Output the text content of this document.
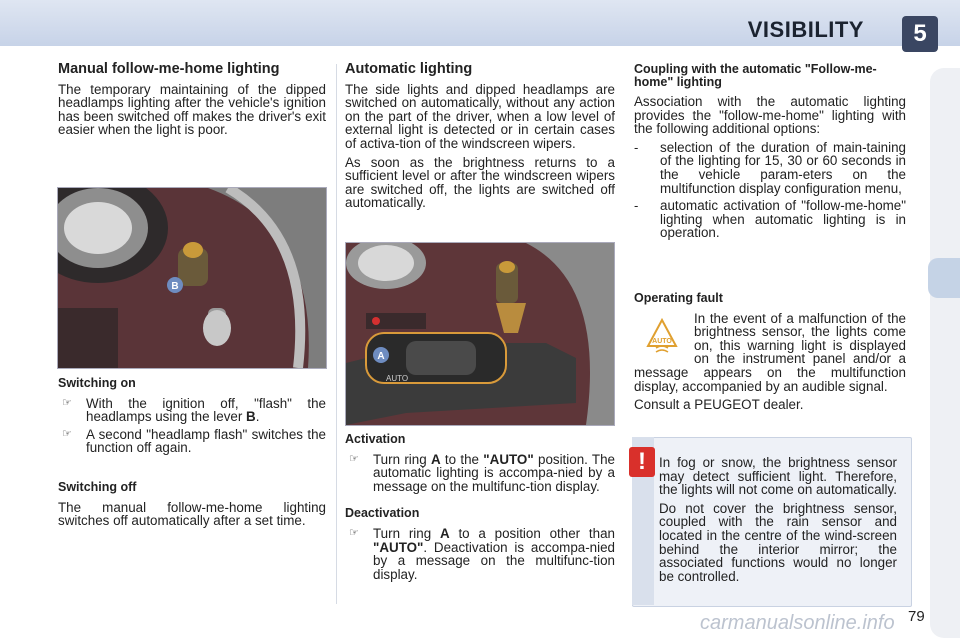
VISIBILITY	5
Manual follow-me-home lighting

The temporary maintaining of the dipped headlamps lighting after the vehicle's ignition has been switched off makes the driver's exit easier when the light is poor.

B
Switching on
☞	With the ignition off, "flash" the headlamps using the lever B.
☞	A second "headlamp flash" switches the function off again.
Switching off

The manual follow-me-home lighting switches off automatically after a set time.

Automatic lighting

The side lights and dipped headlamps are switched on automatically, without any action on the part of the driver, when a low level of external light is detected or in certain cases of activa-tion of the windscreen wipers.

As soon as the brightness returns to a sufficient level or after the windscreen wipers are switched off, the lights are switched off automatically.

AUTO
A
Activation
☞	Turn ring A to the "AUTO" position. The automatic lighting is accompa-nied by a message on the multifunc-tion display.
Deactivation
☞	Turn ring A to a position other than "AUTO". Deactivation is accompa-nied by a message on the multifunc-tion display.
Coupling with the automatic "Follow-me-home" lighting

Association with the automatic lighting provides the "follow-me-home" lighting with the following additional options:

-	selection of the duration of main-taining of the lighting for 15, 30 or 60 seconds in the vehicle param-eters on the multifunction display configuration menu,
-	automatic activation of "follow-me-home" lighting when automatic lighting is in operation.
Operating fault
AUTO

In the event of a malfunction of the brightness sensor, the lights come on, this warning light is displayed on the instrument panel and/or a message appears on the multifunction display, accompanied by an audible signal.

Consult a PEUGEOT dealer.

! In fog or snow, the brightness sensor may detect sufficient light. Therefore, the lights will not come on automatically.

Do not cover the brightness sensor, coupled with the rain sensor and located in the centre of the wind-screen behind the interior mirror; the associated functions would no longer be controlled.

carmanualsonline.info 79
